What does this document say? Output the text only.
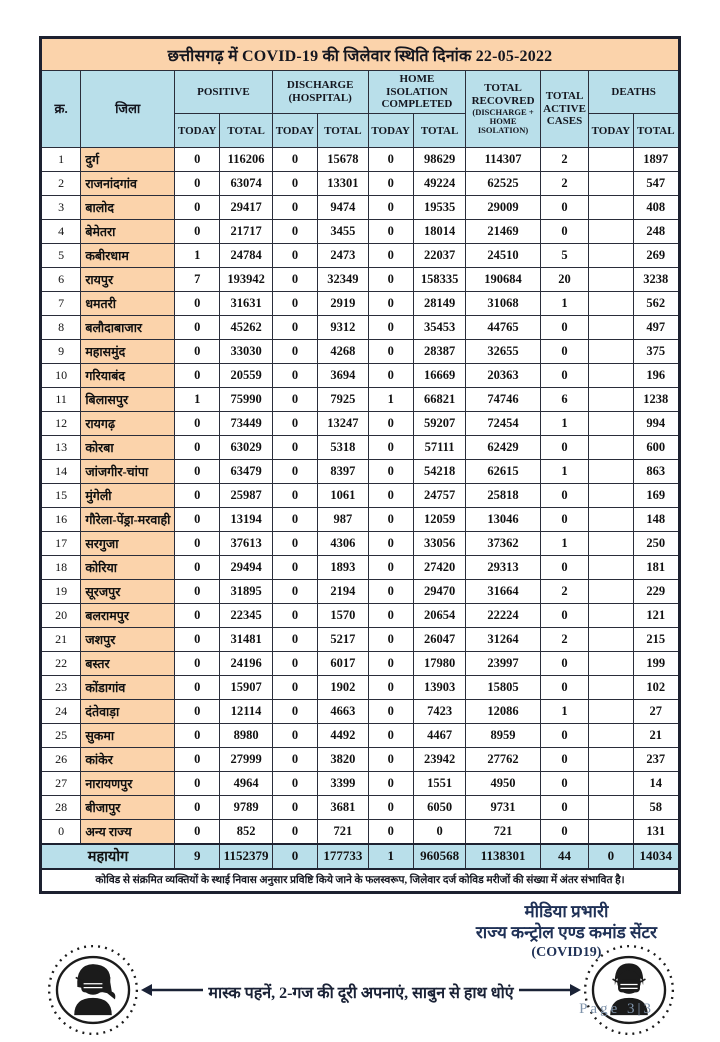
छत्तीसगढ़ में COVID-19 की जिलेवार स्थिति दिनांक 22-05-2022											
क्र.	जिला	POSITIVE		DISCHARGE (HOSPITAL)		HOME ISOLATION COMPLETED		TOTAL RECOVRED
(DISCHARGE + HOME ISOLATION)	TOTAL ACTIVE CASES	DEATHS	
		TODAY	TOTAL	TODAY	TOTAL	TODAY	TOTAL			TODAY	TOTAL
1	दुर्ग	0	116206	0	15678	0	98629	114307	2		1897
2	राजनांदगांव	0	63074	0	13301	0	49224	62525	2		547
3	बालोद	0	29417	0	9474	0	19535	29009	0		408
4	बेमेतरा	0	21717	0	3455	0	18014	21469	0		248
5	कबीरधाम	1	24784	0	2473	0	22037	24510	5		269
6	रायपुर	7	193942	0	32349	0	158335	190684	20		3238
7	धमतरी	0	31631	0	2919	0	28149	31068	1		562
8	बलौदाबाजार	0	45262	0	9312	0	35453	44765	0		497
9	महासमुंद	0	33030	0	4268	0	28387	32655	0		375
10	गरियाबंद	0	20559	0	3694	0	16669	20363	0		196
11	बिलासपुर	1	75990	0	7925	1	66821	74746	6		1238
12	रायगढ़	0	73449	0	13247	0	59207	72454	1		994
13	कोरबा	0	63029	0	5318	0	57111	62429	0		600
14	जांजगीर-चांपा	0	63479	0	8397	0	54218	62615	1		863
15	मुंगेली	0	25987	0	1061	0	24757	25818	0		169
16	गौरेला-पेंड्रा-मरवाही	0	13194	0	987	0	12059	13046	0		148
17	सरगुजा	0	37613	0	4306	0	33056	37362	1		250
18	कोरिया	0	29494	0	1893	0	27420	29313	0		181
19	सूरजपुर	0	31895	0	2194	0	29470	31664	2		229
20	बलरामपुर	0	22345	0	1570	0	20654	22224	0		121
21	जशपुर	0	31481	0	5217	0	26047	31264	2		215
22	बस्तर	0	24196	0	6017	0	17980	23997	0		199
23	कोंडागांव	0	15907	0	1902	0	13903	15805	0		102
24	दंतेवाड़ा	0	12114	0	4663	0	7423	12086	1		27
25	सुकमा	0	8980	0	4492	0	4467	8959	0		21
26	कांकेर	0	27999	0	3820	0	23942	27762	0		237
27	नारायणपुर	0	4964	0	3399	0	1551	4950	0		14
28	बीजापुर	0	9789	0	3681	0	6050	9731	0		58
0	अन्य राज्य	0	852	0	721	0	0	721	0		131
महायोग		9	1152379	0	177733	1	960568	1138301	44	0	14034
कोविड से संक्रमित व्यक्तियों के स्थाई निवास अनुसार प्रविष्टि किये जाने के फलस्वरूप, जिलेवार दर्ज कोविड मरीजों की संख्या में अंतर संभावित है।											
मीडिया प्रभारी
राज्य कन्ट्रोल एण्ड कमांड सेंटर
(COVID19)
मास्क पहनें, 2-गज की दूरी अपनाएं, साबुन से हाथ धोएं
Page 3|3
